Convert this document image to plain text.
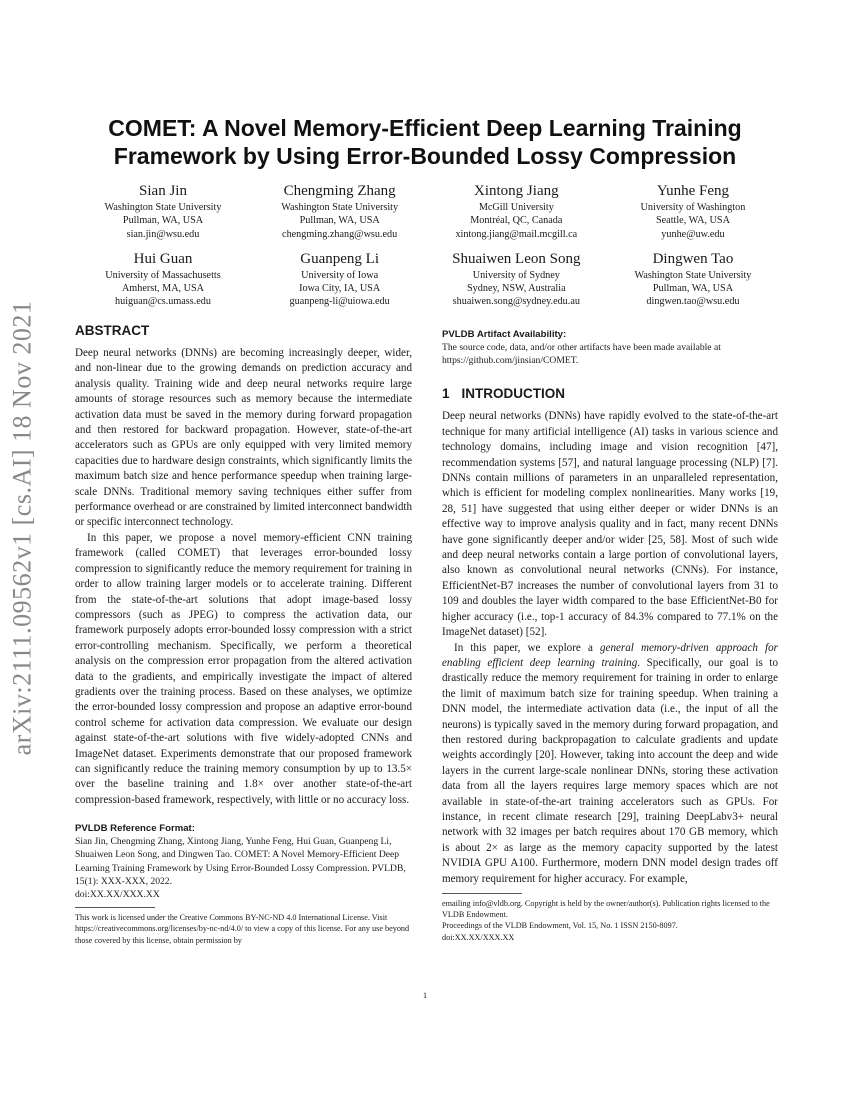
arXiv:2111.09562v1 [cs.AI] 18 Nov 2021
COMET: A Novel Memory-Efficient Deep Learning Training
Framework by Using Error-Bounded Lossy Compression
Sian Jin
Washington State University
Pullman, WA, USA
sian.jin@wsu.edu
Chengming Zhang
Washington State University
Pullman, WA, USA
chengming.zhang@wsu.edu
Xintong Jiang
McGill University
Montréal, QC, Canada
xintong.jiang@mail.mcgill.ca
Yunhe Feng
University of Washington
Seattle, WA, USA
yunhe@uw.edu
Hui Guan
University of Massachusetts
Amherst, MA, USA
huiguan@cs.umass.edu
Guanpeng Li
University of Iowa
Iowa City, IA, USA
guanpeng-li@uiowa.edu
Shuaiwen Leon Song
University of Sydney
Sydney, NSW, Australia
shuaiwen.song@sydney.edu.au
Dingwen Tao
Washington State University
Pullman, WA, USA
dingwen.tao@wsu.edu
ABSTRACT

Deep neural networks (DNNs) are becoming increasingly deeper, wider, and non-linear due to the growing demands on prediction accuracy and analysis quality. Training wide and deep neural networks require large amounts of storage resources such as memory because the intermediate activation data must be saved in the memory during forward propagation and then restored for backward propagation. However, state-of-the-art accelerators such as GPUs are only equipped with very limited memory capacities due to hardware design constraints, which significantly limits the maximum batch size and hence performance speedup when training large-scale DNNs. Traditional memory saving techniques either suffer from performance overhead or are constrained by limited interconnect bandwidth or specific interconnect technology.

In this paper, we propose a novel memory-efficient CNN training framework (called COMET) that leverages error-bounded lossy compression to significantly reduce the memory requirement for training in order to allow training larger models or to accelerate training. Different from the state-of-the-art solutions that adopt image-based lossy compressors (such as JPEG) to compress the activation data, our framework purposely adopts error-bounded lossy compression with a strict error-controlling mechanism. Specifically, we perform a theoretical analysis on the compression error propagation from the altered activation data to the gradients, and empirically investigate the impact of altered gradients over the training process. Based on these analyses, we optimize the error-bounded lossy compression and propose an adaptive error-bound control scheme for activation data compression. We evaluate our design against state-of-the-art solutions with five widely-adopted CNNs and ImageNet dataset. Experiments demonstrate that our proposed framework can significantly reduce the training memory consumption by up to 13.5× over the baseline training and 1.8× over another state-of-the-art compression-based framework, respectively, with little or no accuracy loss.

PVLDB Reference Format:
Sian Jin, Chengming Zhang, Xintong Jiang, Yunhe Feng, Hui Guan, Guanpeng Li, Shuaiwen Leon Song, and Dingwen Tao. COMET: A Novel Memory-Efficient Deep Learning Training Framework by Using Error-Bounded Lossy Compression. PVLDB, 15(1): XXX-XXX, 2022.
doi:XX.XX/XXX.XX
This work is licensed under the Creative Commons BY-NC-ND 4.0 International License. Visit https://creativecommons.org/licenses/by-nc-nd/4.0/ to view a copy of this license. For any use beyond those covered by this license, obtain permission by
PVLDB Artifact Availability:
The source code, data, and/or other artifacts have been made available at https://github.com/jinsian/COMET.
1 INTRODUCTION

Deep neural networks (DNNs) have rapidly evolved to the state-of-the-art technique for many artificial intelligence (AI) tasks in various science and technology domains, including image and vision recognition [47], recommendation systems [57], and natural language processing (NLP) [7]. DNNs contain millions of parameters in an unparalleled representation, which is efficient for modeling complex nonlinearities. Many works [19, 28, 51] have suggested that using either deeper or wider DNNs is an effective way to improve analysis quality and in fact, many recent DNNs have gone significantly deeper and/or wider [25, 58]. Most of such wide and deep neural networks contain a large portion of convolutional layers, also known as convolutional neural networks (CNNs). For instance, EfficientNet-B7 increases the number of convolutional layers from 31 to 109 and doubles the layer width compared to the base EfficientNet-B0 for higher accuracy (i.e., top-1 accuracy of 84.3% compared to 77.1% on the ImageNet dataset) [52].

In this paper, we explore a general memory-driven approach for enabling efficient deep learning training. Specifically, our goal is to drastically reduce the memory requirement for training in order to enlarge the limit of maximum batch size for training speedup. When training a DNN model, the intermediate activation data (i.e., the input of all the neurons) is typically saved in the memory during forward propagation, and then restored during backpropagation to calculate gradients and update weights accordingly [20]. However, taking into account the deep and wide layers in the current large-scale nonlinear DNNs, storing these activation data from all the layers requires large memory spaces which are not available in state-of-the-art training accelerators such as GPUs. For instance, in recent climate research [29], training DeepLabv3+ neural network with 32 images per batch requires about 170 GB memory, which is about 2× as large as the memory capacity supported by the latest NVIDIA GPU A100. Furthermore, modern DNN model design trades off memory requirement for higher accuracy. For example,

emailing info@vldb.org. Copyright is held by the owner/author(s). Publication rights licensed to the VLDB Endowment.
Proceedings of the VLDB Endowment, Vol. 15, No. 1 ISSN 2150-8097.
doi:XX.XX/XXX.XX
1
